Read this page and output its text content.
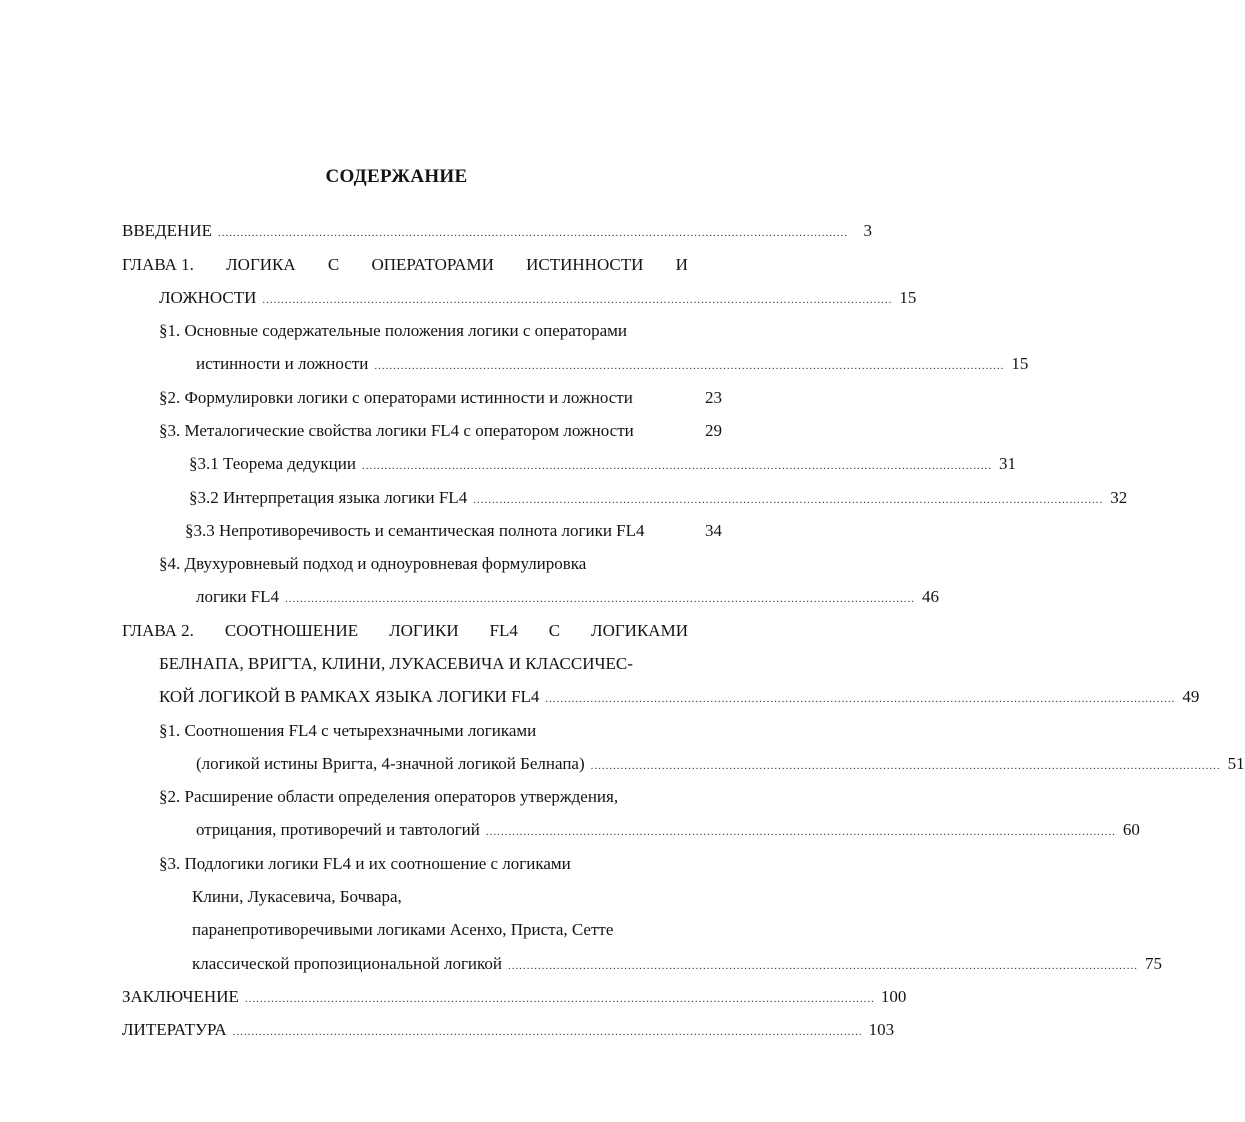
СОДЕРЖАНИЕ
ВВЕДЕНИЕ ........................................................................................................................................................................ 3
ГЛАВА 1. ЛОГИКА С ОПЕРАТОРАМИ ИСТИННОСТИ И
ЛОЖНОСТИ ........................................................................................................................................................................ 15
§1. Основные содержательные положения логики с операторами
истинности и ложности ........................................................................................................................................................................ 15
§2. Формулировки логики с операторами истинности и ложности	23
§3. Металогические свойства логики FL4 с оператором ложности	29
§3.1 Теорема дедукции ........................................................................................................................................................................ 31
§3.2 Интерпретация языка логики FL4 ........................................................................................................................................................................ 32
§3.3 Непротиворечивость и семантическая полнота логики FL4	34
§4. Двухуровневый подход и одноуровневая формулировка
логики FL4 ........................................................................................................................................................................ 46
ГЛАВА 2. СООТНОШЕНИЕ ЛОГИКИ FL4 С ЛОГИКАМИ
БЕЛНАПА, ВРИГТА, КЛИНИ, ЛУКАСЕВИЧА И КЛАССИЧЕС-
КОЙ ЛОГИКОЙ В РАМКАХ ЯЗЫКА ЛОГИКИ FL4 ........................................................................................................................................................................ 49
§1. Соотношения FL4 с четырехзначными логиками
(логикой истины Вригта, 4-значной логикой Белнапа) ........................................................................................................................................................................ 51
§2. Расширение области определения операторов утверждения,
отрицания, противоречий и тавтологий ........................................................................................................................................................................ 60
§3. Подлогики логики FL4 и их соотношение с логиками
Клини, Лукасевича, Бочвара,
паранепротиворечивыми логиками Асенхо, Приста, Сетте
классической пропозициональной логикой ........................................................................................................................................................................ 75
ЗАКЛЮЧЕНИЕ ........................................................................................................................................................................ 100
ЛИТЕРАТУРА ........................................................................................................................................................................ 103
